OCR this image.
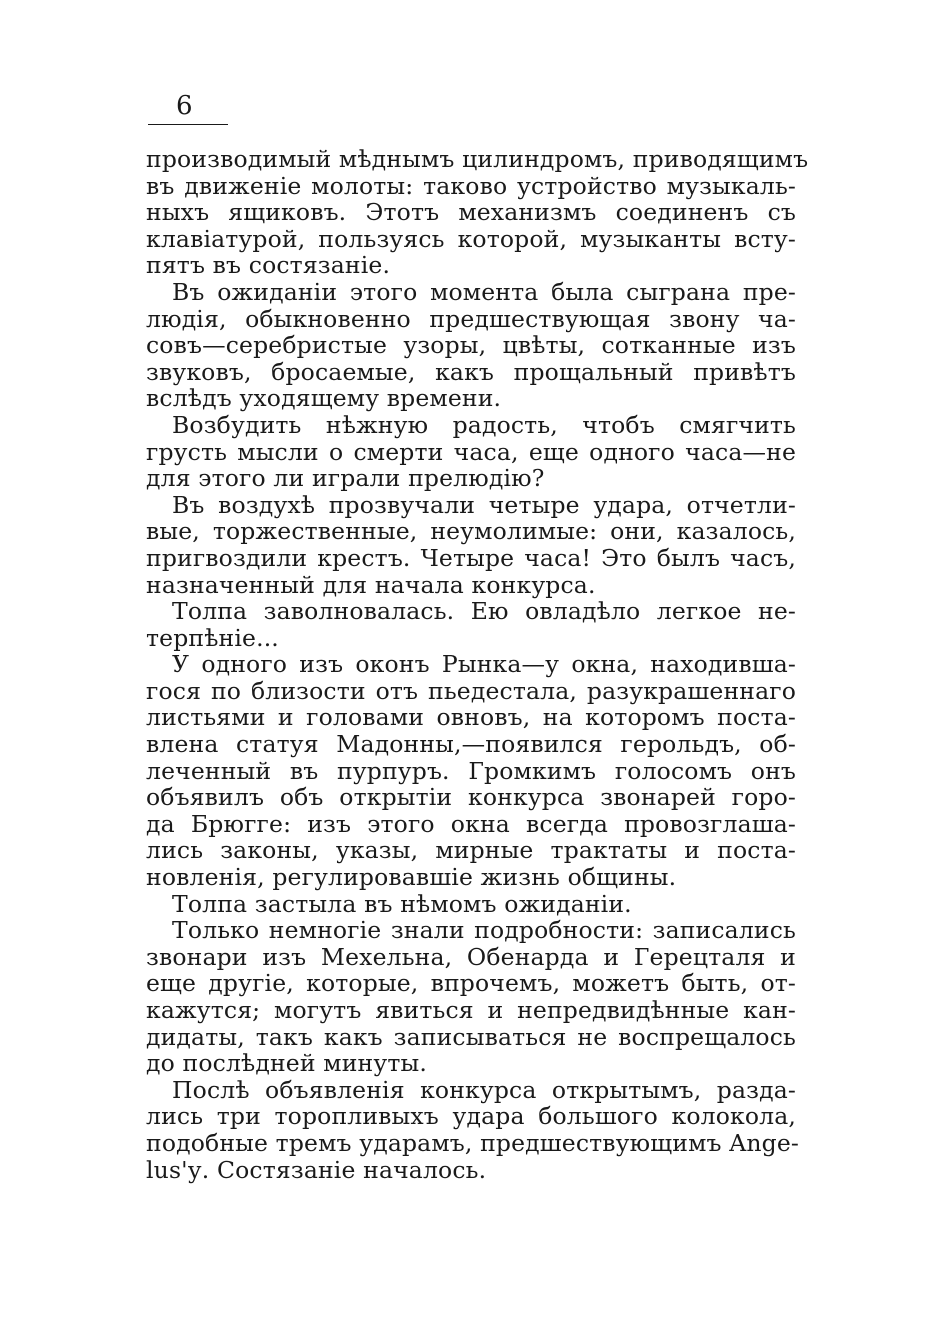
6
производимый мѣднымъ цилиндромъ, приводящимъ
въ движеніе молоты: таково устройство музыкаль-
ныхъ ящиковъ. Этотъ механизмъ соединенъ съ
клавіатурой, пользуясь которой, музыканты всту-
пятъ въ состязаніе.
Въ ожиданіи этого момента была сыграна пре-
людія, обыкновенно предшествующая звону ча-
совъ—серебристые узоры, цвѣты, сотканные изъ
звуковъ, бросаемые, какъ прощальный привѣтъ
вслѣдъ уходящему времени.
Возбудить нѣжную радость, чтобъ смягчить
грусть мысли о смерти часа, еще одного часа—не
для этого ли играли прелюдію?
Въ воздухѣ прозвучали четыре удара, отчетли-
вые, торжественные, неумолимые: они, казалось,
пригвоздили крестъ. Четыре часа! Это былъ часъ,
назначенный для начала конкурса.
Толпа заволновалась. Ею овладѣло легкое не-
терпѣніе...
У одного изъ оконъ Рынка—у окна, находивша-
гося по близости отъ пьедестала, разукрашеннаго
листьями и головами овновъ, на которомъ поста-
влена статуя Мадонны,—появился герольдъ, об-
леченный въ пурпуръ. Громкимъ голосомъ онъ
объявилъ объ открытіи конкурса звонарей горо-
да Брюгге: изъ этого окна всегда провозглаша-
лись законы, указы, мирные трактаты и поста-
новленія, регулировавшіе жизнь общины.
Толпа застыла въ нѣмомъ ожиданіи.
Только немногіе знали подробности: записались
звонари изъ Мехельна, Обенарда и Герецталя и
еще другіе, которые, впрочемъ, можетъ быть, от-
кажутся; могутъ явиться и непредвидѣнные кан-
дидаты, такъ какъ записываться не воспрещалось
до послѣдней минуты.
Послѣ объявленія конкурса открытымъ, разда-
лись три торопливыхъ удара большого колокола,
подобные тремъ ударамъ, предшествующимъ Ange-
lus'у. Состязаніе началось.
